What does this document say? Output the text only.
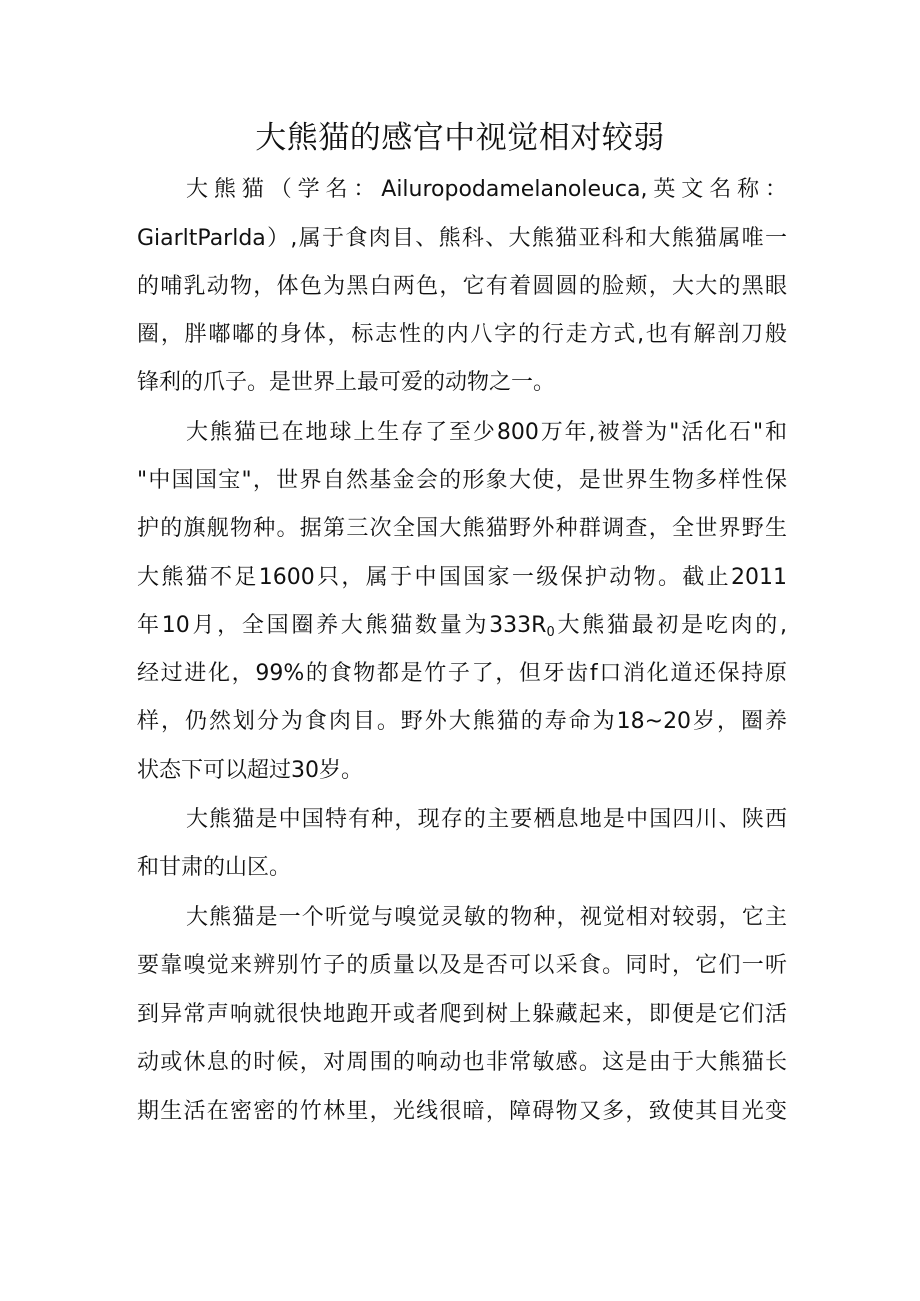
大熊猫的感官中视觉相对较弱

大熊猫（学名：Ailuropodamelanoleuca,英文名称：

GiarltParlda）,属于食肉目、熊科、大熊猫亚科和大熊猫属唯一

的哺乳动物，体色为黑白两色，它有着圆圆的脸颊，大大的黑眼

圈，胖嘟嘟的身体，标志性的内八字的行走方式,也有解剖刀般

锋利的爪子。是世界上最可爱的动物之一。

大熊猫已在地球上生存了至少800万年,被誉为"活化石"和

"中国国宝"，世界自然基金会的形象大使，是世界生物多样性保

护的旗舰物种。据第三次全国大熊猫野外种群调查，全世界野生

大熊猫不足1600只，属于中国国家一级保护动物。截止2011

年10月，全国圈养大熊猫数量为$333R_0$大熊猫最初是吃肉的,

经过进化，99%的食物都是竹子了，但牙齿f口消化道还保持原

样，仍然划分为食肉目。野外大熊猫的寿命为18~20岁，圈养

状态下可以超过30岁。

大熊猫是中国特有种，现存的主要栖息地是中国四川、陕西

和甘肃的山区。

大熊猫是一个听觉与嗅觉灵敏的物种，视觉相对较弱，它主

要靠嗅觉来辨别竹子的质量以及是否可以采食。同时，它们一听

到异常声响就很快地跑开或者爬到树上躲藏起来，即便是它们活

动或休息的时候，对周围的响动也非常敏感。这是由于大熊猫长

期生活在密密的竹林里，光线很暗，障碍物又多，致使其目光变
